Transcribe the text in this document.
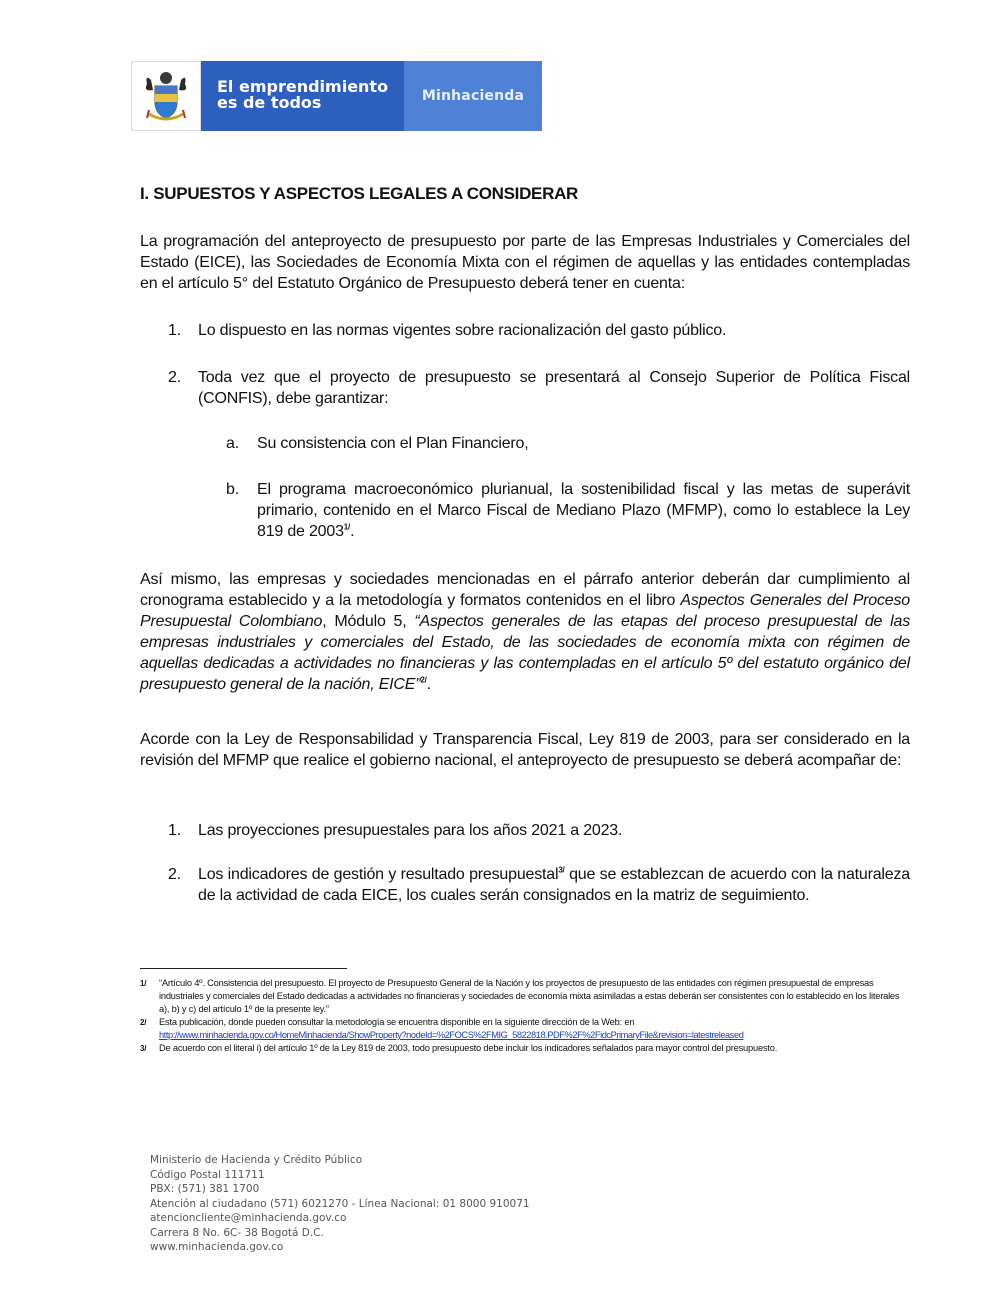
El emprendimiento
es de todos	Minhacienda
I. SUPUESTOS Y ASPECTOS LEGALES A CONSIDERAR

La programación del anteproyecto de presupuesto por parte de las Empresas Industriales y Comerciales del Estado (EICE), las Sociedades de Economía Mixta con el régimen de aquellas y las entidades contempladas en el artículo 5° del Estatuto Orgánico de Presupuesto deberá tener en cuenta:

1. Lo dispuesto en las normas vigentes sobre racionalización del gasto público.
2. Toda vez que el proyecto de presupuesto se presentará al Consejo Superior de Política Fiscal (CONFIS), debe garantizar:
a. Su consistencia con el Plan Financiero,
b. El programa macroeconómico plurianual, la sostenibilidad fiscal y las metas de superávit primario, contenido en el Marco Fiscal de Mediano Plazo (MFMP), como lo establece la Ley 819 de 2003$^{1/}$.

Así mismo, las empresas y sociedades mencionadas en el párrafo anterior deberán dar cumplimiento al cronograma establecido y a la metodología y formatos contenidos en el libro Aspectos Generales del Proceso Presupuestal Colombiano, Módulo 5, “Aspectos generales de las etapas del proceso presupuestal de las empresas industriales y comerciales del Estado, de las sociedades de economía mixta con régimen de aquellas dedicadas a actividades no financieras y las contempladas en el artículo 5º del estatuto orgánico del presupuesto general de la nación, EICE”$^{2/}$.

Acorde con la Ley de Responsabilidad y Transparencia Fiscal, Ley 819 de 2003, para ser considerado en la revisión del MFMP que realice el gobierno nacional, el anteproyecto de presupuesto se deberá acompañar de:

1. Las proyecciones presupuestales para los años 2021 a 2023.
2. Los indicadores de gestión y resultado presupuestal$^{3/}$ que se establezcan de acuerdo con la naturaleza de la actividad de cada EICE, los cuales serán consignados en la matriz de seguimiento.
1/ “Artículo 4º. Consistencia del presupuesto. El proyecto de Presupuesto General de la Nación y los proyectos de presupuesto de las entidades con régimen presupuestal de empresas industriales y comerciales del Estado dedicadas a actividades no financieras y sociedades de economía mixta asimiladas a estas deberán ser consistentes con lo establecido en los literales a), b) y c) del artículo 1º de la presente ley.”
2/ Esta publicación, donde pueden consultar la metodología se encuentra disponible en la siguiente dirección de la Web: en
http://www.minhacienda.gov.co/HomeMinhacienda/ShowProperty?nodeId=%2FOCS%2FMIG_5822818.PDF%2F%2FidcPrimaryFile&revision=latestreleased
3/ De acuerdo con el literal i) del artículo 1º de la Ley 819 de 2003, todo presupuesto debe incluir los indicadores señalados para mayor control del presupuesto.
Ministerio de Hacienda y Crédito Público
Código Postal 111711
PBX: (571) 381 1700
Atención al ciudadano (571) 6021270 - Línea Nacional: 01 8000 910071
atencioncliente@minhacienda.gov.co
Carrera 8 No. 6C- 38 Bogotá D.C.
www.minhacienda.gov.co
